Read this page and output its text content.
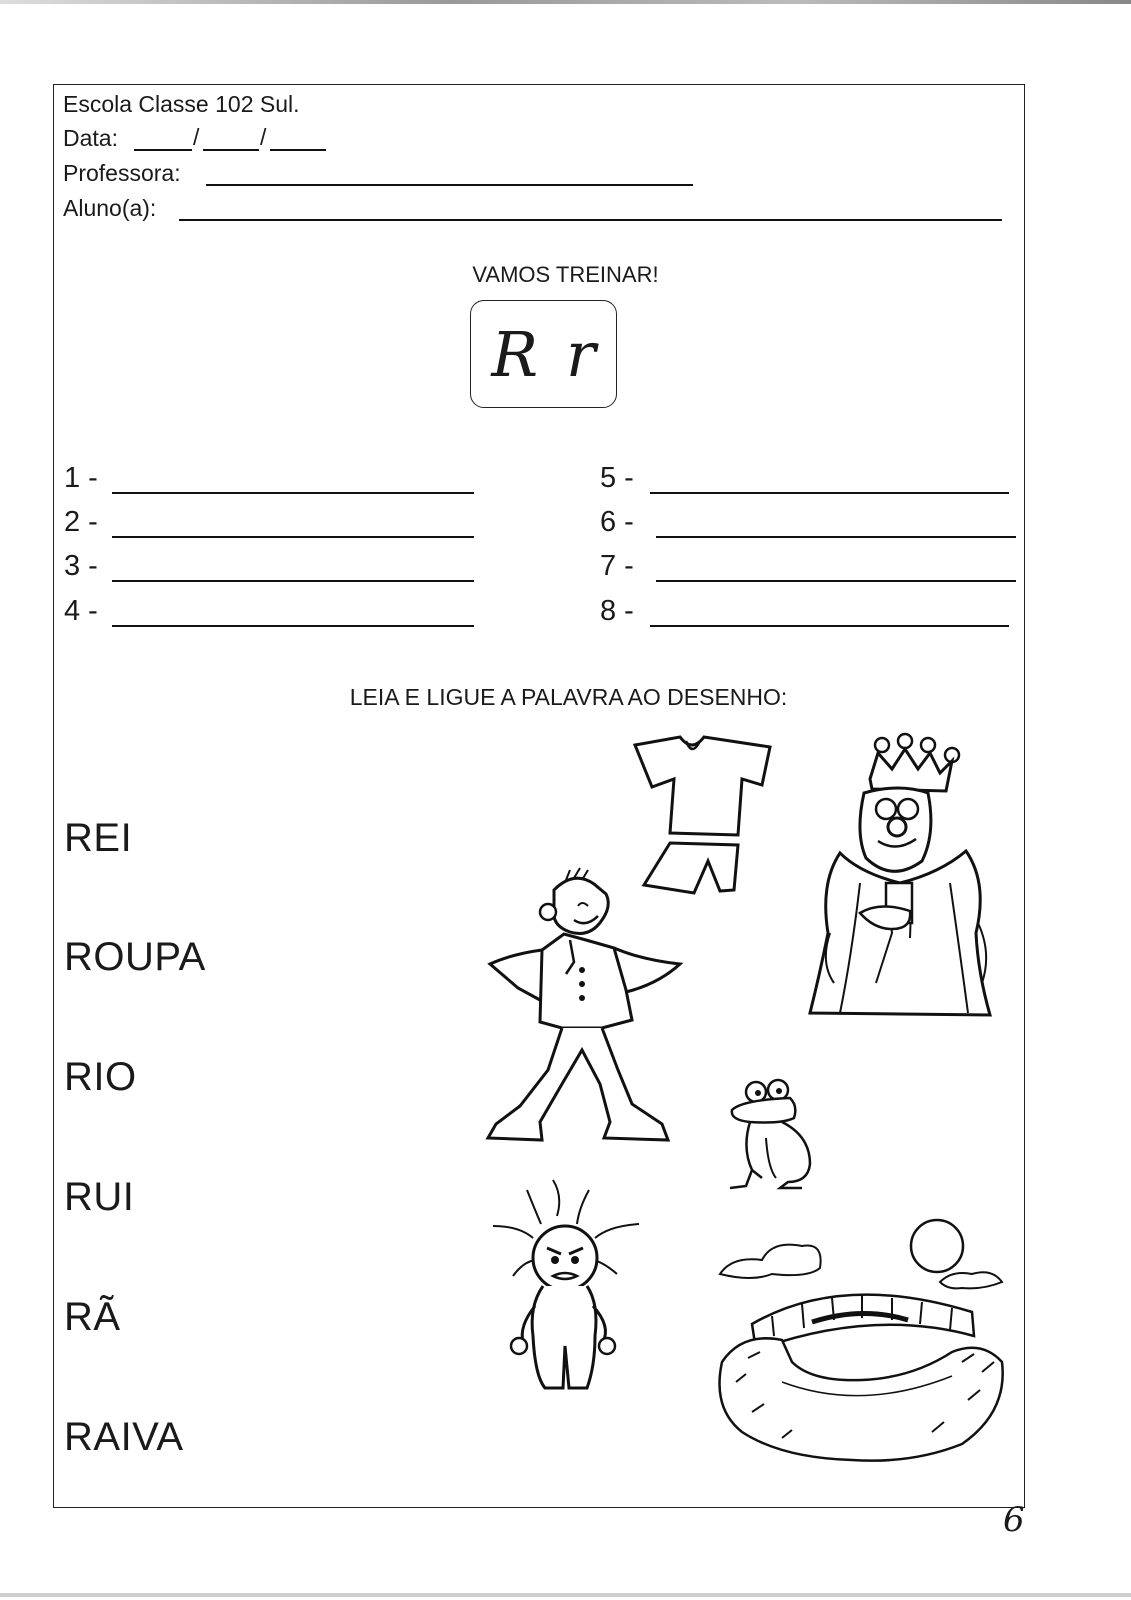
Escola Classe 102 Sul.
Data:	/	/
Professora:
Aluno(a):
VAMOS TREINAR!
R r
1 -
2 -
3 -
4 -
5 -
6 -
7 -
8 -
LEIA E LIGUE A PALAVRA AO DESENHO:
REI
ROUPA
RIO
RUI
RÃ
RAIVA
6
